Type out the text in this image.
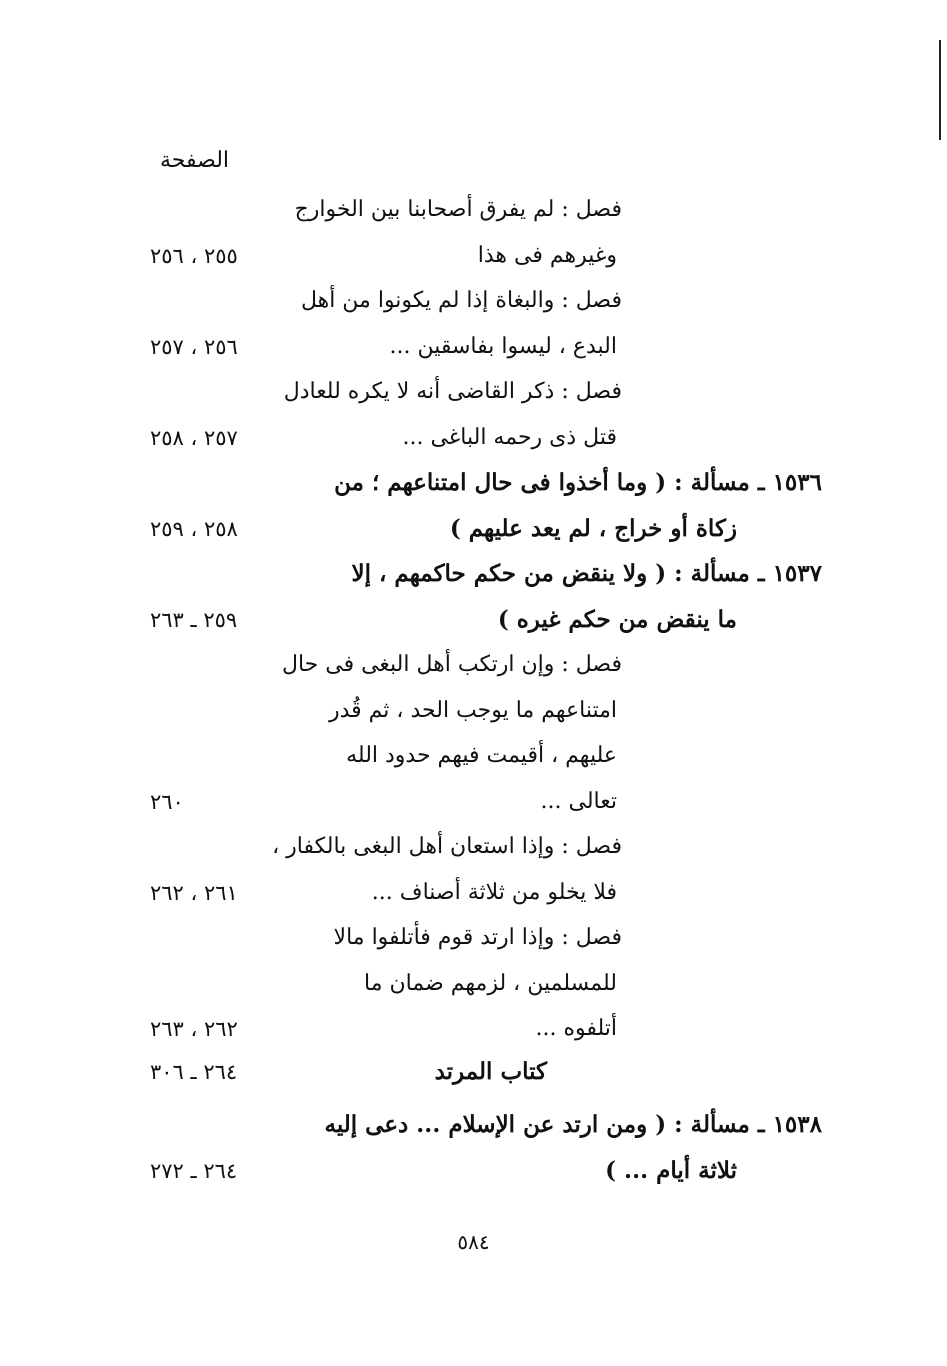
الصفحة
فصل : لم يفرق أصحابنا بين الخوارج
وغيرهم فى هذا
٢٥٥ ، ٢٥٦
فصل : والبغاة إذا لم يكونوا من أهل
البدع ، ليسوا بفاسقين ...
٢٥٦ ، ٢٥٧
فصل : ذكر القاضى أنه لا يكره للعادل
قتل ذى رحمه الباغى ...
٢٥٧ ، ٢٥٨
١٥٣٦ ـ مسألة : ( وما أخذوا فى حال امتناعهم ؛ من
زكاة أو خراج ، لم يعد عليهم )
٢٥٨ ، ٢٥٩
١٥٣٧ ـ مسألة : ( ولا ينقض من حكم حاكمهم ، إلا
ما ينقض من حكم غيره )
٢٥٩ ـ ٢٦٣
فصل : وإن ارتكب أهل البغى فى حال
امتناعهم ما يوجب الحد ، ثم قُدر
عليهم ، أقيمت فيهم حدود الله
تعالى ...
٢٦٠
فصل : وإذا استعان أهل البغى بالكفار ،
فلا يخلو من ثلاثة أصناف ...
٢٦١ ، ٢٦٢
فصل : وإذا ارتد قوم فأتلفوا مالا
للمسلمين ، لزمهم ضمان ما
أتلفوه ...
٢٦٢ ، ٢٦٣
كتاب المرتد
٢٦٤ ـ ٣٠٦
١٥٣٨ ـ مسألة : ( ومن ارتد عن الإسلام ... دعى إليه
ثلاثة أيام ... )
٢٦٤ ـ ٢٧٢
٥٨٤
